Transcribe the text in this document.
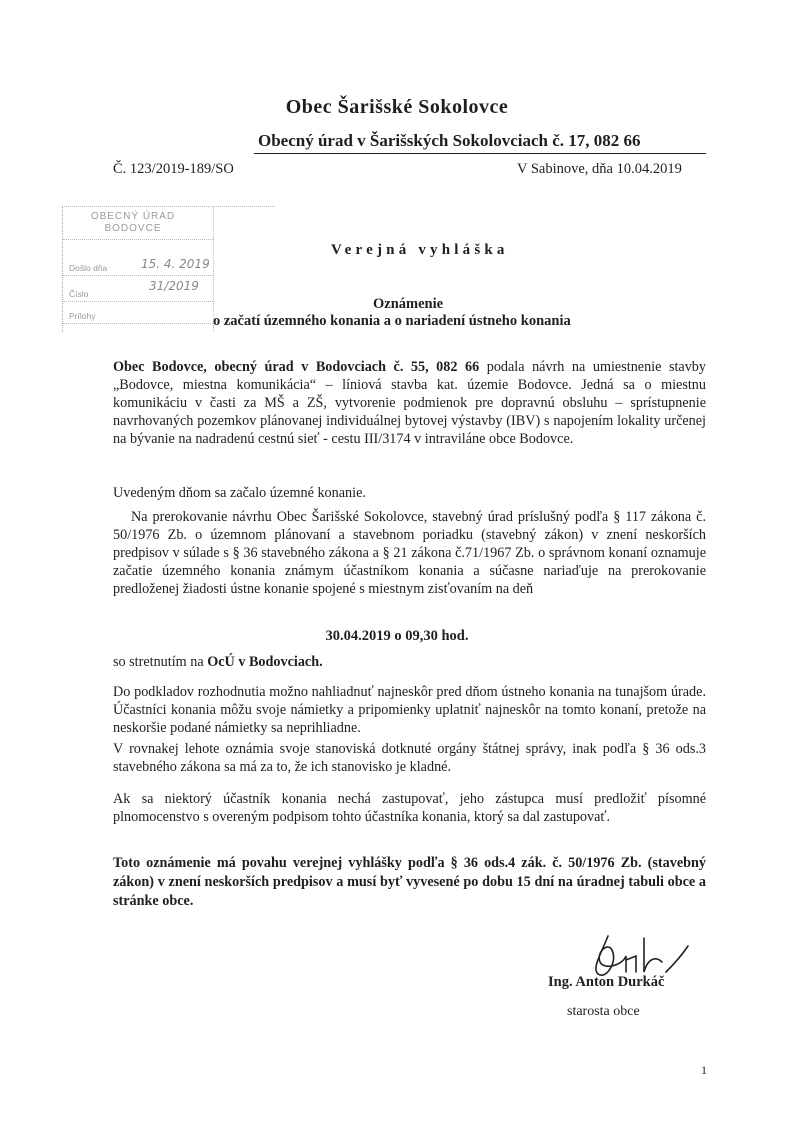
Obec Šarišské Sokolovce
Obecný úrad v Šarišských Sokolovciach č. 17, 082 66
Č. 123/2019-189/SO	V Sabinove, dňa 10.04.2019
OBECNÝ ÚRAD
BODOVCE
Došlo dňa	15. 4. 2019
Číslo
31/2019
Prílohy
Verejná vyhláška
Oznámenie
o začatí územného konania a o nariadení ústneho konania
Obec Bodovce, obecný úrad v Bodovciach č. 55, 082 66 podala návrh na umiestnenie stavby „Bodovce, miestna komunikácia“ – líniová stavba kat. územie Bodovce. Jedná sa o miestnu komunikáciu v časti za MŠ a ZŠ, vytvorenie podmienok pre dopravnú obsluhu – sprístupnenie navrhovaných pozemkov plánovanej individuálnej bytovej výstavby (IBV) s napojením lokality určenej na bývanie na nadradenú cestnú sieť - cestu III/3174 v intraviláne obce Bodovce.
Uvedeným dňom sa začalo územné konanie.
Na prerokovanie návrhu Obec Šarišské Sokolovce, stavebný úrad príslušný podľa § 117 zákona č. 50/1976 Zb. o územnom plánovaní a stavebnom poriadku (stavebný zákon) v znení neskorších predpisov v súlade s § 36 stavebného zákona a § 21 zákona č.71/1967 Zb. o správnom konaní oznamuje začatie územného konania známym účastníkom konania a súčasne nariaďuje na prerokovanie predloženej žiadosti ústne konanie spojené s miestnym zisťovaním na deň
30.04.2019 o 09,30 hod.
so stretnutím na OcÚ v Bodovciach.
Do podkladov rozhodnutia možno nahliadnuť najneskôr pred dňom ústneho konania na tunajšom úrade. Účastníci konania môžu svoje námietky a pripomienky uplatniť najneskôr na tomto konaní, pretože na neskoršie podané námietky sa neprihliadne.
V rovnakej lehote oznámia svoje stanoviská dotknuté orgány štátnej správy, inak podľa § 36 ods.3 stavebného zákona sa má za to, že ich stanovisko je kladné.
Ak sa niektorý účastník konania nechá zastupovať, jeho zástupca musí predložiť písomné plnomocenstvo s overeným podpisom tohto účastníka konania, ktorý sa dal zastupovať.
Toto oznámenie má povahu verejnej vyhlášky podľa § 36 ods.4 zák. č. 50/1976 Zb. (stavebný zákon) v znení neskorších predpisov a musí byť vyvesené po dobu 15 dní na úradnej tabuli obce a stránke obce.
Ing. Anton Durkáč
starosta obce
1
